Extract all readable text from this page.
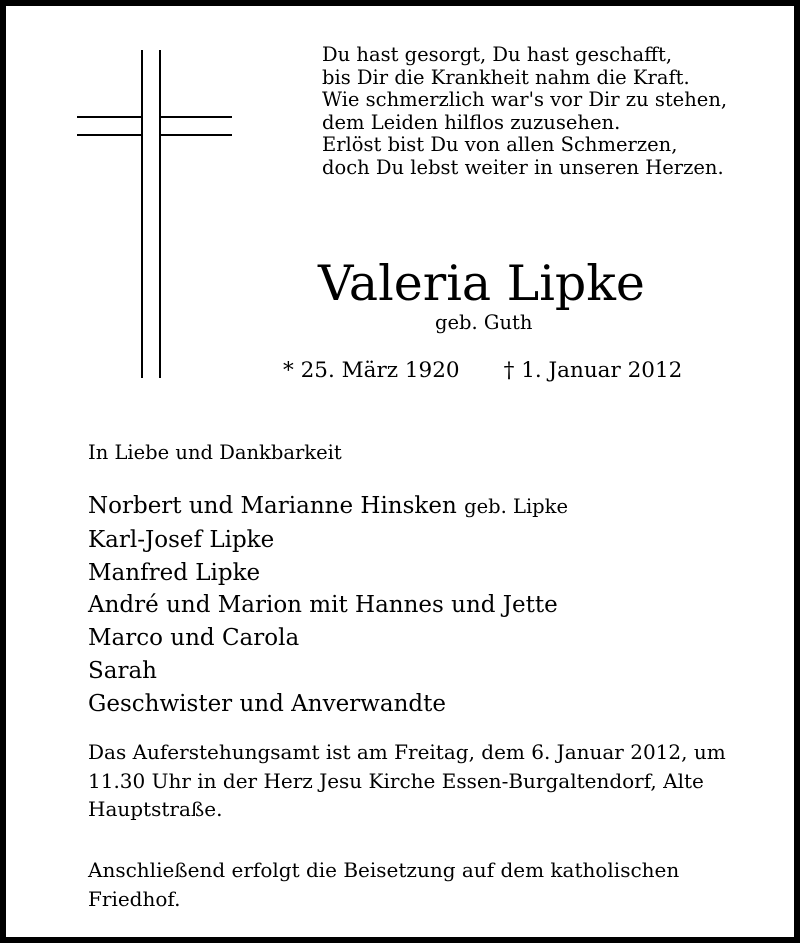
Du hast gesorgt, Du hast geschafft,
bis Dir die Krankheit nahm die Kraft.
Wie schmerzlich war's vor Dir zu stehen,
dem Leiden hilflos zuzusehen.
Erlöst bist Du von allen Schmerzen,
doch Du lebst weiter in unseren Herzen.
Valeria Lipke
geb. Guth
* 25. März 1920 † 1. Januar 2012
In Liebe und Dankbarkeit
Norbert und Marianne Hinsken geb. Lipke
Karl-Josef Lipke
Manfred Lipke
André und Marion mit Hannes und Jette
Marco und Carola
Sarah
Geschwister und Anverwandte

Das Auferstehungsamt ist am Freitag, dem 6. Januar 2012, um 11.30 Uhr in der Herz Jesu Kirche Essen-Burgaltendorf, Alte Hauptstraße.

Anschließend erfolgt die Beisetzung auf dem katholischen Friedhof.
